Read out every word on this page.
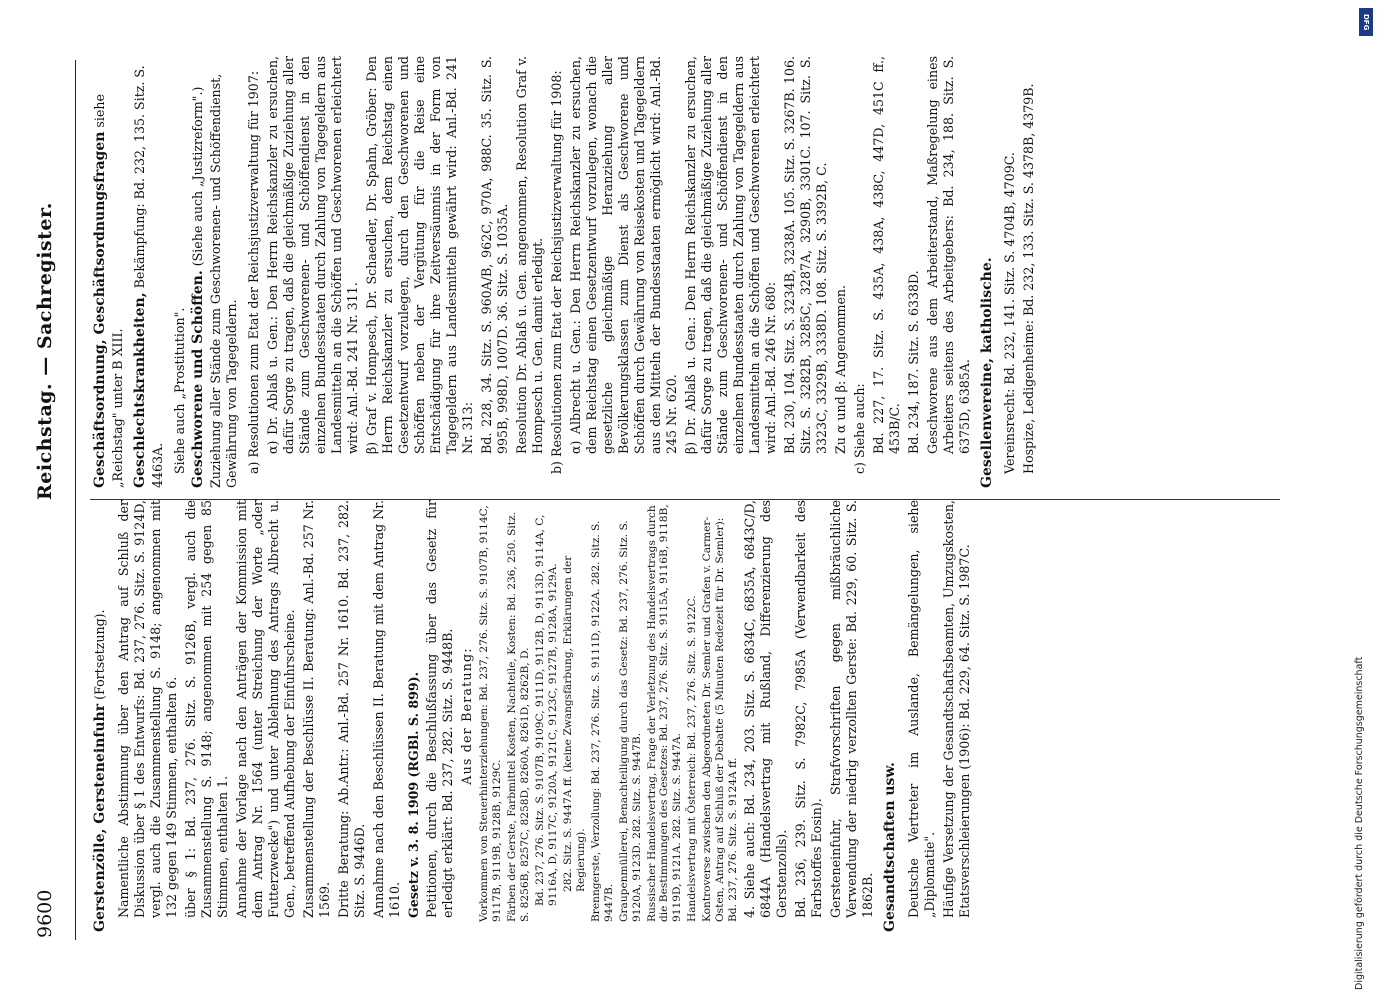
9600
Reichstag. — Sachregister.
Gerstenzölle, Gersteneinfuhr (Fortsetzung). Namentliche Abstimmung über den Antrag auf Schluß der Diskussion über § 1 des Entwurfs: Bd. 237, 276. Sitz. S. 9124D, vergl. auch die Zusammenstellung S. 9148; angenommen mit 132 gegen 149 Stimmen, enthalten 6. über § 1: Bd. 237, 276. Sitz. S. 9126B, vergl. auch die Zusammenstellung S. 9148; angenommen mit 254 gegen 85 Stimmen, enthalten 1. Annahme der Vorlage nach den Anträgen der Kommission mit dem Antrag Nr. 1564 (unter Streichung der Worte „oder Futterzwecke") und unter Ablehnung des Antrags Albrecht u. Gen., betreffend Aufhebung der Einfuhrscheine. Zusammenstellung der Beschlüsse II. Beratung: Anl.-Bd. 257 Nr. 1569. Dritte Beratung: Ab.Antr.: Anl.-Bd. 257 Nr. 1610. Bd. 237, 282. Sitz. S. 9446D. Annahme nach den Beschlüssen II. Beratung mit dem Antrag Nr. 1610. Gesetz v. 3. 8. 1909 (RGBl. S. 899). Petitionen, durch die Beschlußfassung über das Gesetz für erledigt erklärt: Bd. 237, 282. Sitz. S. 9448B. Aus der Beratung: Vorkommen von Steuerhinterziehungen: Bd. 237, 276. Sitz. S. 9107B, 9114C, 9117B, 9119B, 9128B, 9129C. Färben der Gerste, Farbmittel Kosten, Nachteile, Kosten: Bd. 236, 250. Sitz. S. 8256B, 8257C, 8258D, 8260A, 8261D, 8262B, D. Bd. 237, 276. Sitz. S. 9107B, 9109C, 9111D, 9112B, D, 9113D, 9114A, C, 9116A, D, 9117C, 9120A, 9121C, 9123C, 9127B, 9128A, 9129A. 282. Sitz. S. 9447A ff. (keine Zwangsfärbung, Erklärungen der Regierung). Brenngerste, Verzollung: Bd. 237, 276. Sitz. S. 9111D, 9122A. 282. Sitz. S. 9447B. Graupenmüllerei, Benachteiligung durch das Gesetz: Bd. 237, 276. Sitz. S. 9120A, 9123D. 282. Sitz. S. 9447B. Russischer Handelsvertrag, Frage der Verletzung des Handelsvertrags durch die Bestimmungen des Gesetzes: Bd. 237, 276. Sitz. S. 9115A, 9116B, 9118B, 9119D, 9121A. 282. Sitz. S. 9447A. Handelsvertrag mit Österreich: Bd. 237, 276. Sitz. S. 9122C. Kontroverse zwischen den Abgeordneten Dr. Semler und Grafen v. Carmer-Osten, Antrag auf Schluß der Debatte (5 Minuten Redezeit für Dr. Semler): Bd. 237, 276. Sitz. S. 9124A ff. 4. Siehe auch: Bd. 234, 203. Sitz. S. 6834C, 6835A, 6843C/D, 6844A (Handelsvertrag mit Rußland, Differenzierung des Gerstenzolls). Bd. 236, 239. Sitz. S. 7982C, 7985A (Verwendbarkeit des Farbstoffes Eosin). Gersteneinfuhr, Strafvorschriften gegen mißbräuchliche Verwendung der niedrig verzollten Gerste: Bd. 229, 60. Sitz. S. 1862B. Gesandtschaften usw. Deutsche Vertreter im Auslande, Bemängelungen, siehe „Diplomatie". Häufige Versetzung der Gesandtschaftsbeamten, Umzugskosten, Etatsverschleierungen (1906): Bd. 229, 64. Sitz. S. 1987C.

Geschäftsordnung, Geschäftsordnungsfragen siehe „Reichstag" unter B XIII. Geschlechtskrankheiten, Bekämpfung: Bd. 232, 135. Sitz. S. 4463A. Siehe auch „Prostitution". Geschworene und Schöffen. (Siehe auch „Justizreform".) Zuziehung aller Stände zum Geschworenen- und Schöffendienst, Gewährung von Tagegeldern. a) Resolutionen zum Etat der Reichsjustizverwaltung für 1907: α) Dr. Ablaß u. Gen.: Den Herrn Reichskanzler zu ersuchen, dafür Sorge zu tragen, daß die gleichmäßige Zuziehung aller Stände zum Geschworenen- und Schöffendienst in den einzelnen Bundesstaaten durch Zahlung von Tagegeldern aus Landesmitteln an die Schöffen und Geschworenen erleichtert wird: Anl.-Bd. 241 Nr. 311. β) Graf v. Hompesch, Dr. Schaedler, Dr. Spahn, Gröber: Den Herrn Reichskanzler zu ersuchen, dem Reichstag einen Gesetzentwurf vorzulegen, durch den Geschworenen und Schöffen neben der Vergütung für die Reise eine Entschädigung für ihre Zeitversäumnis in der Form von Tagegeldern aus Landesmitteln gewährt wird: Anl.-Bd. 241 Nr. 313: Bd. 228, 34. Sitz. S. 960A/B, 962C, 970A, 988C. 35. Sitz. S. 995B, 998D, 1007D. 36. Sitz. S. 1035A. Resolution Dr. Ablaß u. Gen. angenommen, Resolution Graf v. Hompesch u. Gen. damit erledigt. b) Resolutionen zum Etat der Reichsjustizverwaltung für 1908: α) Albrecht u. Gen.: Den Herrn Reichskanzler zu ersuchen, dem Reichstag einen Gesetzentwurf vorzulegen, wonach die gesetzliche gleichmäßige Heranziehung aller Bevölkerungsklassen zum Dienst als Geschworene und Schöffen durch Gewährung von Reisekosten und Tagegeldern aus den Mitteln der Bundesstaaten ermöglicht wird: Anl.-Bd. 245 Nr. 620. β) Dr. Ablaß u. Gen.: Den Herrn Reichskanzler zu ersuchen, dafür Sorge zu tragen, daß die gleichmäßige Zuziehung aller Stände zum Geschworenen- und Schöffendienst in den einzelnen Bundesstaaten durch Zahlung von Tagegeldern aus Landesmitteln an die Schöffen und Geschworenen erleichtert wird: Anl.-Bd. 246 Nr. 680: Bd. 230, 104. Sitz. S. 3234B, 3238A. 105. Sitz. S. 3267B. 106. Sitz. S. 3282B, 3285C, 3287A, 3290B, 3301C. 107. Sitz. S. 3323C, 3329B, 3338D. 108. Sitz. S. 3392B, C. Zu α und β: Angenommen. c) Siehe auch: Bd. 227, 17. Sitz. S. 435A, 438A, 438C, 447D, 451C ff., 453B/C. Bd. 234, 187. Sitz. S. 6338D. Geschworene aus dem Arbeiterstand, Maßregelung eines Arbeiters seitens des Arbeitgebers: Bd. 234, 188. Sitz. S. 6375D, 6385A. Gesellenvereine, katholische. Vereinsrecht: Bd. 232, 141. Sitz. S. 4704B, 4709C. Hospize, Ledigenheime: Bd. 232, 133. Sitz. S. 4378B, 4379B.

DFG
Digitalisierung gefördert durch die Deutsche Forschungsgemeinschaft
